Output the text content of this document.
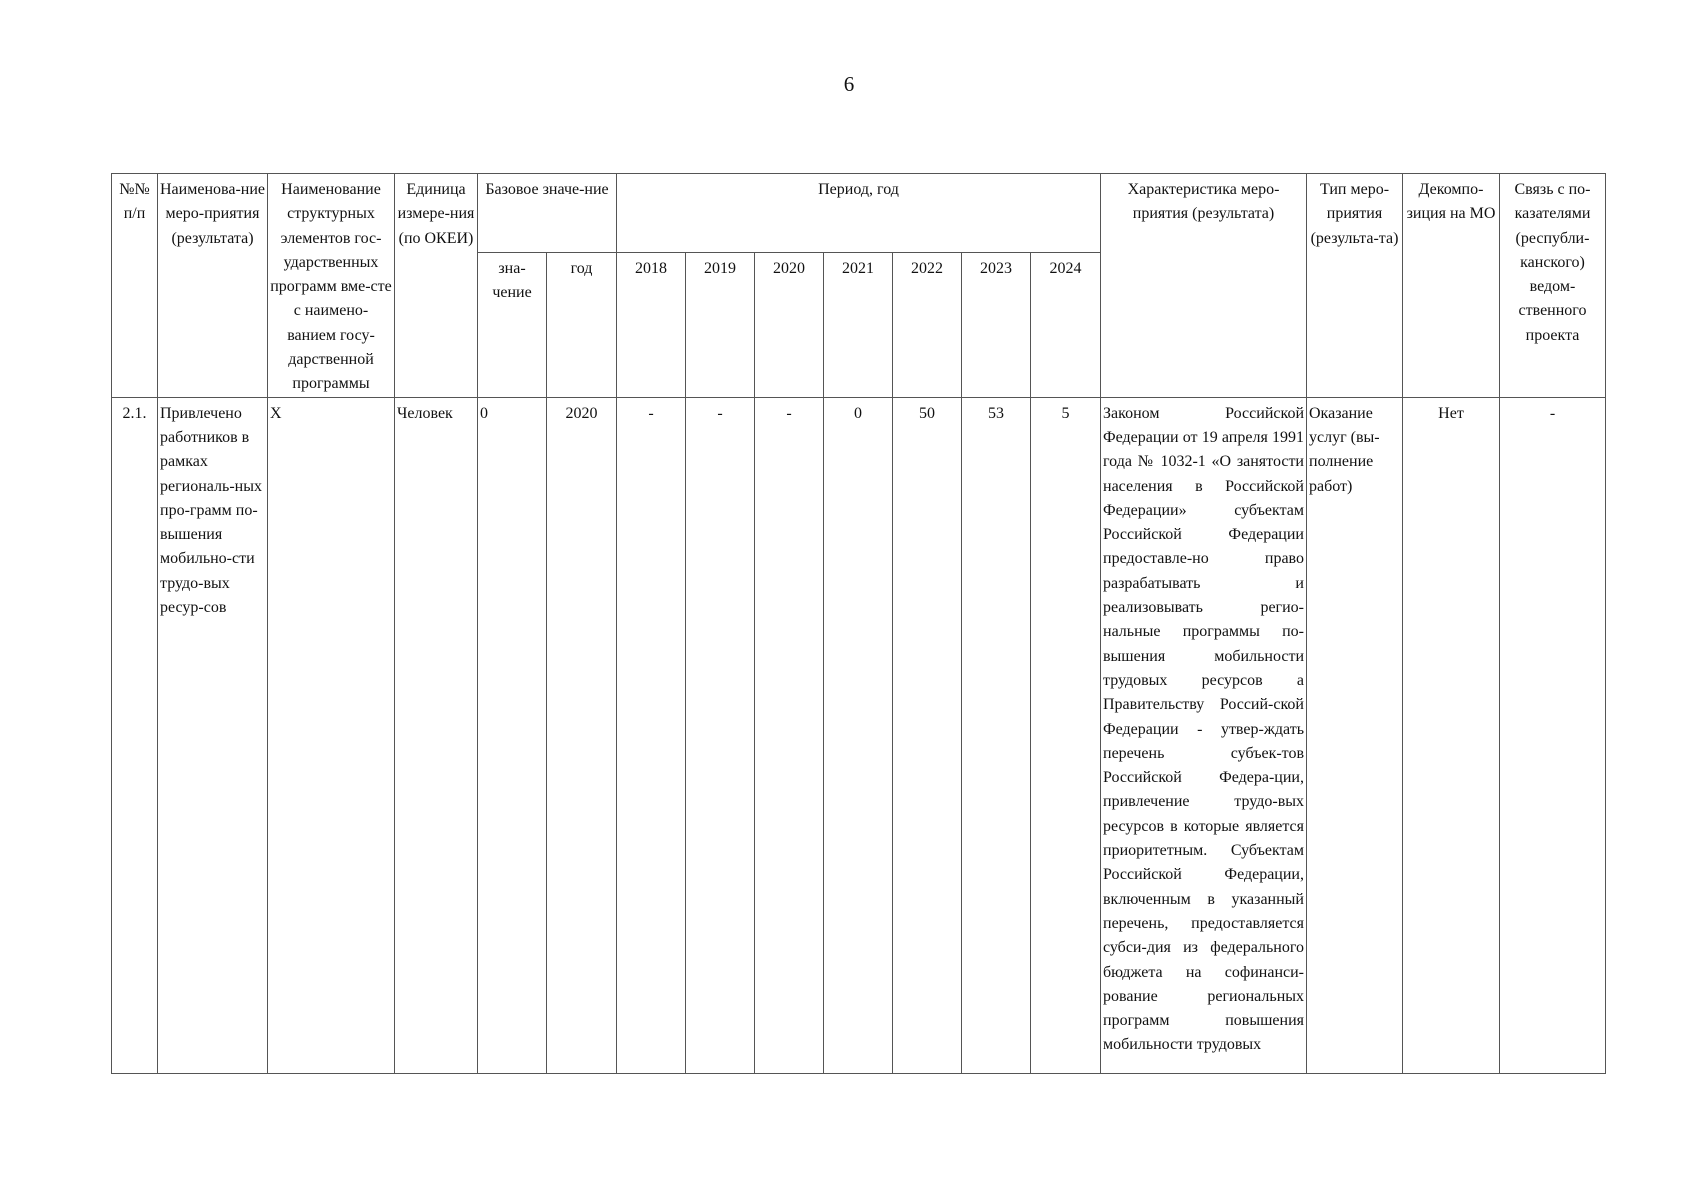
6
№№ п/п	Наименова-ние меро-приятия (результата)	Наименование структурных элементов гос-ударственных программ вме-сте с наимено-ванием госу-дарственной программы	Единица измере-ния (по ОКЕИ)	Базовое значе-ние		Период, год							Характеристика меро-приятия (результата)	Тип меро-приятия (результа-та)	Декомпо-зиция на МО	Связь с по-казателями (республи-канского) ведом-ственного проекта
				зна-чение	год	2018	2019	2020	2021	2022	2023	2024				
2.1.	Привлечено работников в рамках региональ-ных про-грамм по-вышения мобильно-сти трудо-вых ресур-сов	Х	Человек	0	2020	-	-	-	0	50	53	5	Законом Российской Федерации от 19 апреля 1991 года № 1032-1 «О занятости населения в Российской Федерации» субъектам Российской Федерации предоставле-но право разрабатывать и реализовывать регио-нальные программы по-вышения мобильности трудовых ресурсов а Правительству Россий-ской Федерации - утвер-ждать перечень субъек-тов Российской Федера-ции, привлечение трудо-вых ресурсов в которые является приоритетным. Субъектам Российской Федерации, включенным в указанный перечень, предоставляется субси-дия из федерального бюджета на софинанси-рование региональных программ повышения мобильности трудовых	Оказание услуг (вы-полнение работ)	Нет	-
